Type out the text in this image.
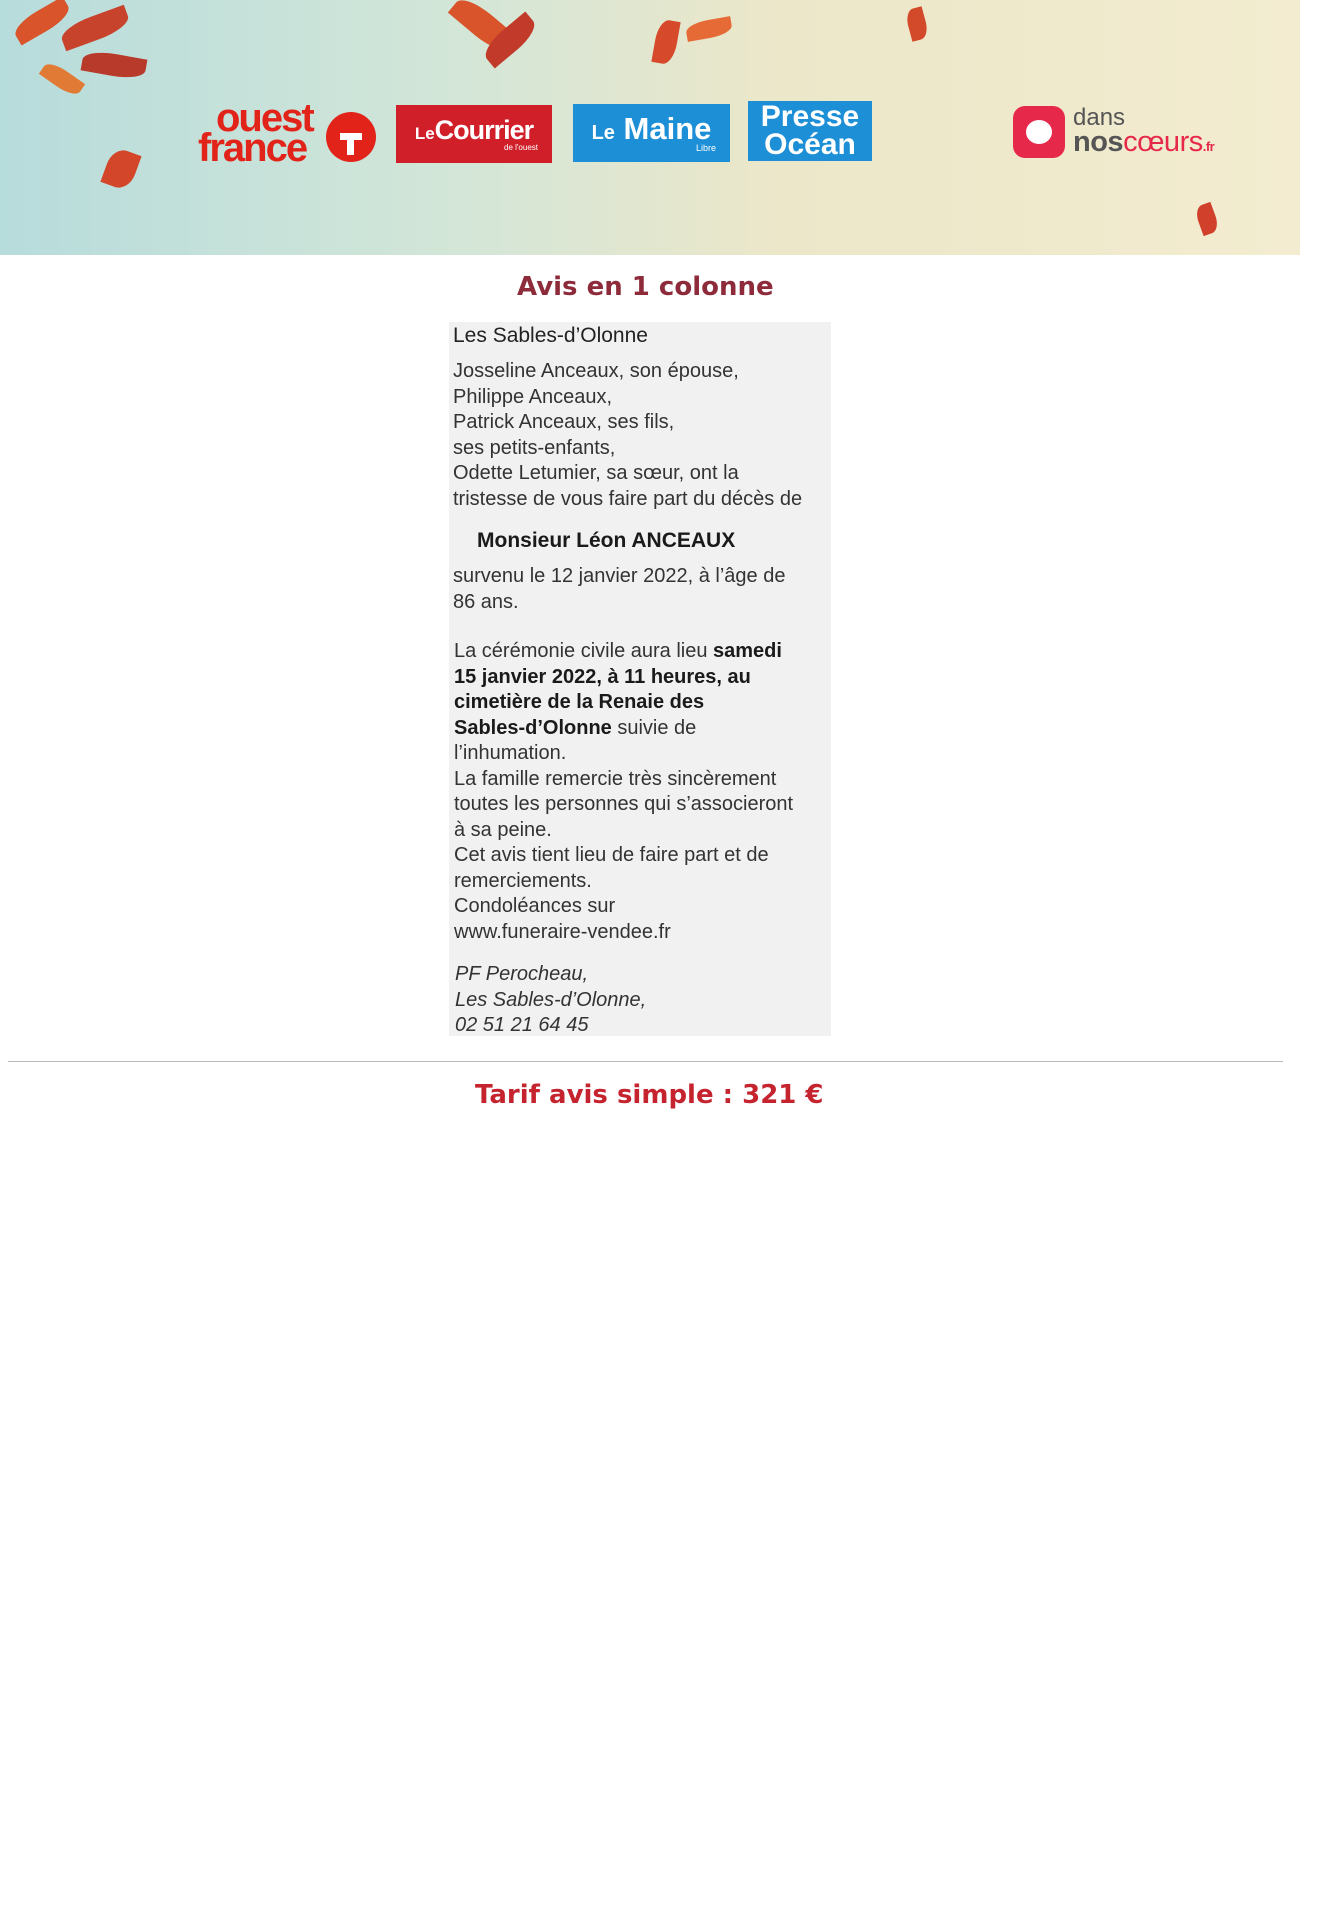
ouest
france	LeCourrier
de l'ouest
Le Maine
Libre
Presse
Océan
dans
noscœurs.fr
Avis en 1 colonne
Les Sables-d’Olonne
Josseline Anceaux, son épouse,
Philippe Anceaux,
Patrick Anceaux, ses fils,
ses petits-enfants,
Odette Letumier, sa sœur, ont la
tristesse de vous faire part du décès de
Monsieur Léon ANCEAUX
survenu le 12 janvier 2022, à l’âge de
86 ans.
La cérémonie civile aura lieu samedi
15 janvier 2022, à 11 heures, au
cimetière de la Renaie des
Sables-d’Olonne suivie de
l’inhumation.
La famille remercie très sincèrement
toutes les personnes qui s’associeront
à sa peine.
Cet avis tient lieu de faire part et de
remerciements.
Condoléances sur
www.funeraire-vendee.fr
PF Perocheau,
Les Sables-d’Olonne,
02 51 21 64 45
Tarif avis simple : 321 €
